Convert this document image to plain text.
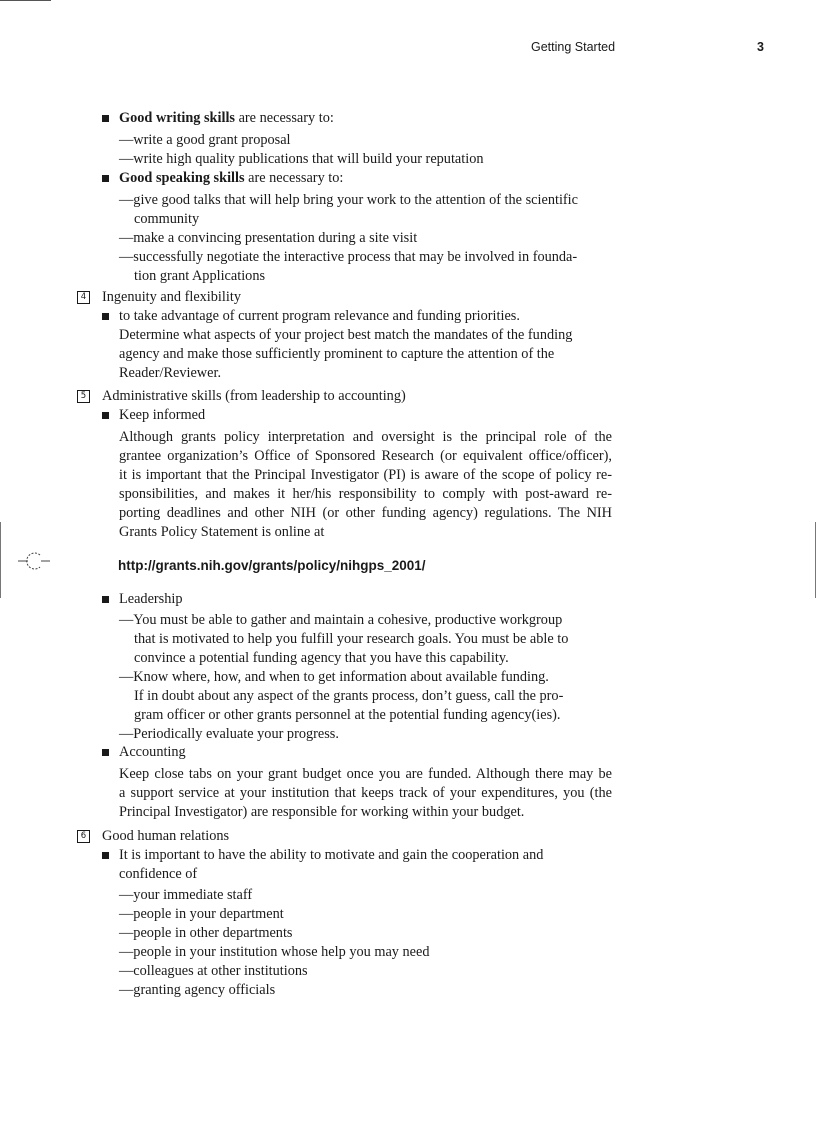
Getting Started	3
Good writing skills are necessary to:
—write a good grant proposal
—write high quality publications that will build your reputation
Good speaking skills are necessary to:
—give good talks that will help bring your work to the attention of the scientific
community
—make a convincing presentation during a site visit
—successfully negotiate the interactive process that may be involved in founda-
tion grant Applications
4 Ingenuity and flexibility
to take advantage of current program relevance and funding priorities.
Determine what aspects of your project best match the mandates of the funding
agency and make those sufficiently prominent to capture the attention of the
Reader/Reviewer.
5 Administrative skills (from leadership to accounting)
Keep informed
Although grants policy interpretation and oversight is the principal role of the
grantee organization’s Office of Sponsored Research (or equivalent office/officer),
it is important that the Principal Investigator (PI) is aware of the scope of policy re-
sponsibilities, and makes it her/his responsibility to comply with post-award re-
porting deadlines and other NIH (or other funding agency) regulations. The NIH
Grants Policy Statement is online at
http://grants.nih.gov/grants/policy/nihgps_2001/
Leadership
—You must be able to gather and maintain a cohesive, productive workgroup
that is motivated to help you fulfill your research goals. You must be able to
convince a potential funding agency that you have this capability.
—Know where, how, and when to get information about available funding.
If in doubt about any aspect of the grants process, don’t guess, call the pro-
gram officer or other grants personnel at the potential funding agency(ies).
—Periodically evaluate your progress.
Accounting
Keep close tabs on your grant budget once you are funded. Although there may be
a support service at your institution that keeps track of your expenditures, you (the
Principal Investigator) are responsible for working within your budget.
6 Good human relations
It is important to have the ability to motivate and gain the cooperation and
confidence of
—your immediate staff
—people in your department
—people in other departments
—people in your institution whose help you may need
—colleagues at other institutions
—granting agency officials
